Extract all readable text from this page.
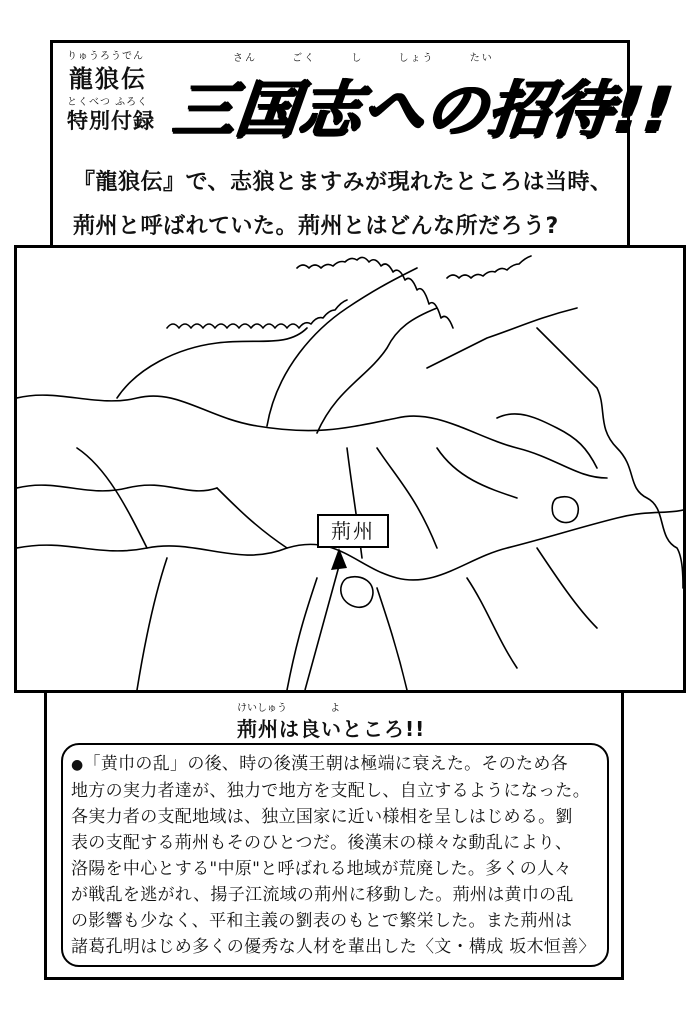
りゅうろうでん
龍狼伝
とくべつ ふろく
特別付録
さん ごく し しょう たい
三国志への招待!!
『龍狼伝』で、志狼とますみが現れたところは当時、
荊州と呼ばれていた。荊州とはどんな所だろう?
荊州
けいしゅう よ
荊州は良いところ!!
●「黄巾の乱」の後、時の後漢王朝は極端に衰えた。そのため各
地方の実力者達が、独力で地方を支配し、自立するようになった。
各実力者の支配地域は、独立国家に近い様相を呈しはじめる。劉
表の支配する荊州もそのひとつだ。後漢末の様々な動乱により、
洛陽を中心とする"中原"と呼ばれる地域が荒廃した。多くの人々
が戦乱を逃がれ、揚子江流域の荊州に移動した。荊州は黄巾の乱
の影響も少なく、平和主義の劉表のもとで繁栄した。また荊州は
諸葛孔明はじめ多くの優秀な人材を輩出した〈文・構成 坂木恒善〉
